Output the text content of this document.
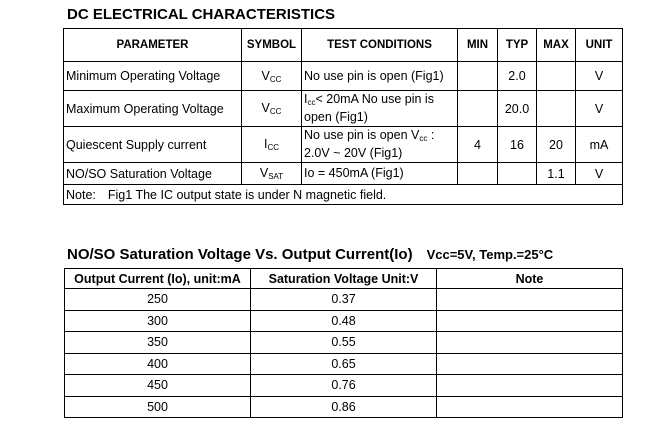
DC ELECTRICAL CHARACTERISTICS
PARAMETER	SYMBOL	TEST CONDITIONS	MIN	TYP	MAX	UNIT
Minimum Operating Voltage	$V_{CC}$	No use pin is open (Fig1)		2.0		V
Maximum Operating Voltage	$V_{CC}$	$I_{cc}< 20mA$ No use pin is
open (Fig1)		20.0		V
Quiescent Supply current	$I_{CC}$	No use pin is open $V_{cc}$ :
2.0V ~ 20V (Fig1)	4	16	20	mA
NO/SO Saturation Voltage	$V_{SAT}$	Io = 450mA (Fig1)			1.1	V
Note: Fig1 The IC output state is under N magnetic field.						
NO/SO Saturation Voltage Vs. Output Current(Io) Vcc=5V, Temp.=25°C
Output Current (Io), unit:mA	Saturation Voltage Unit:V	Note
250	0.37	
300	0.48	
350	0.55	
400	0.65	
450	0.76	
500	0.86	
